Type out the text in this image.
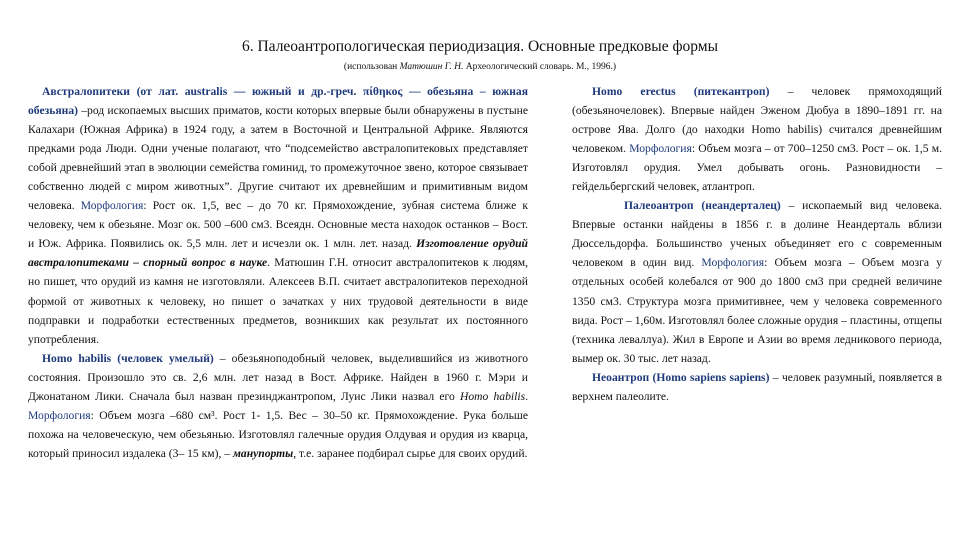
6. Палеоантропологическая периодизация. Основные предковые формы
(использован Матюшин Г. Н. Археологический словарь. М., 1996.)

Австралопитеки (от лат. australis — южный и др.-греч. πίθηκος — обезьяна – южная обезьяна) –род ископаемых высших приматов, кости которых впервые были обнаружены в пустыне Калахари (Южная Африка) в 1924 году, а затем в Восточной и Центральной Африке. Являются предками рода Люди. Одни ученые полагают, что “подсемейство австралопитековых представляет собой древнейший этап в эволюции семейства гоминид, то промежуточное звено, которое связывает собственно людей с миром животных”. Другие считают их древнейшим и примитивным видом человека. Морфология: Рост ок. 1,5, вес – до 70 кг. Прямохождение, зубная система ближе к человеку, чем к обезьяне. Мозг ок. 500 –600 см3. Всеядн. Основные места находок останков – Вост. и Юж. Африка. Появились ок. 5,5 млн. лет и исчезли ок. 1 млн. лет. назад. Изготовление орудий австралопитеками – спорный вопрос в науке. Матюшин Г.Н. относит австралопитеков к людям, но пишет, что орудий из камня не изготовляли. Алексеев В.П. считает австралопитеков переходной формой от животных к человеку, но пишет о зачатках у них трудовой деятельности в виде подправки и подработки естественных предметов, возникших как результат их постоянного употребления.

Homo habilis (человек умелый) – обезьяноподобный человек, выделившийся из животного состояния. Произошло это св. 2,6 млн. лет назад в Вост. Африке. Найден в 1960 г. Мэри и Джонатаном Лики. Сначала был назван презинджантропом, Луис Лики назвал его Homo habilis. Морфология: Объем мозга –680 см³. Рост 1- 1,5. Вес – 30–50 кг. Прямохождение. Рука больше похожа на человеческую, чем обезьянью. Изготовлял галечные орудия Олдувая и орудия из кварца, который приносил издалека (3– 15 км), – манупорты, т.е. заранее подбирал сырье для своих орудий.

Homo erectus (питекантроп) – человек прямоходящий (обезьяночеловек). Впервые найден Эженом Дюбуа в 1890–1891 гг. на острове Ява. Долго (до находки Homo habilis) считался древнейшим человеком. Морфология: Объем мозга – от 700–1250 см3. Рост – ок. 1,5 м. Изготовлял орудия. Умел добывать огонь. Разновидности – гейдельбергский человек, атлантроп.

Палеоантроп (неандерталец) – ископаемый вид человека. Впервые останки найдены в 1856 г. в долине Неандерталь вблизи Дюссельдорфа. Большинство ученых объединяет его с современным человеком в один вид. Морфология: Объем мозга – Объем мозга у отдельных особей колебался от 900 до 1800 см3 при средней величине 1350 см3. Структура мозга примитивнее, чем у человека современного вида. Рост – 1,60м. Изготовлял более сложные орудия – пластины, отщепы (техника леваллуа). Жил в Европе и Азии во время ледникового периода, вымер ок. 30 тыс. лет назад.

Неоантроп (Homo sapiens sapiens) – человек разумный, появляется в верхнем палеолите.
